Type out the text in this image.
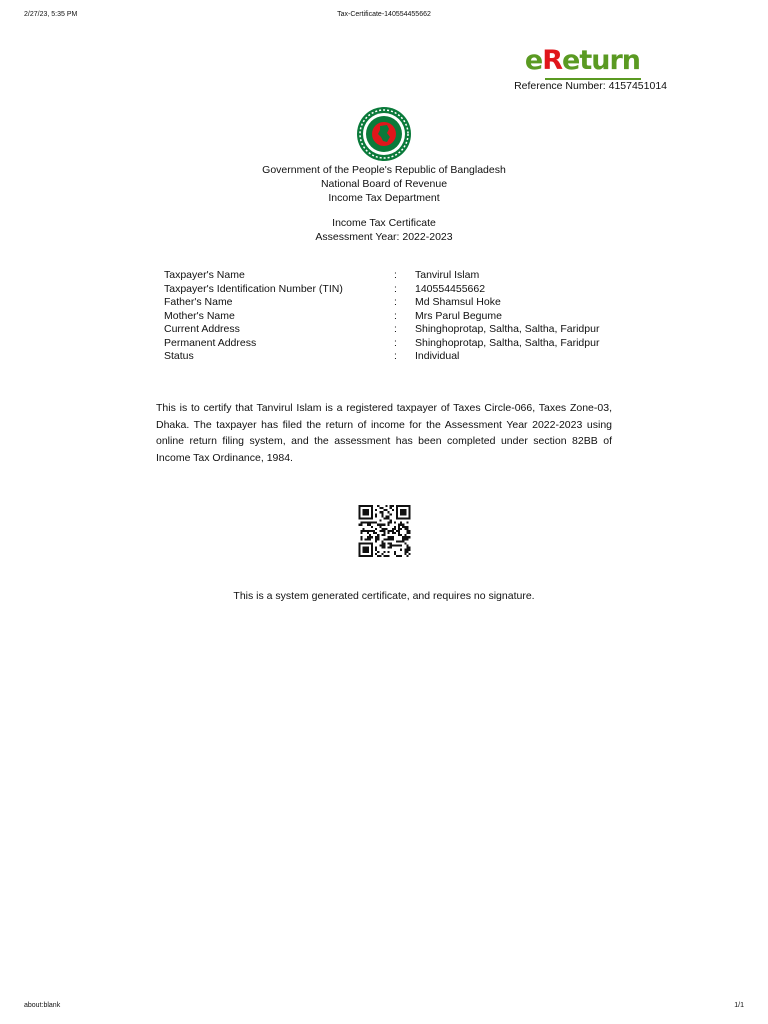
2/27/23, 5:35 PM	Tax-Certificate-140554455662
eReturn
Reference Number: 4157451014
Government of the People's Republic of Bangladesh
National Board of Revenue
Income Tax Department
Income Tax Certificate
Assessment Year: 2022-2023
Taxpayer's Name	:	Tanvirul Islam
Taxpayer's Identification Number (TIN)	:	140554455662
Father's Name	:	Md Shamsul Hoke
Mother's Name	:	Mrs Parul Begume
Current Address	:	Shinghoprotap, Saltha, Saltha, Faridpur
Permanent Address	:	Shinghoprotap, Saltha, Saltha, Faridpur
Status	:	Individual

This is to certify that Tanvirul Islam is a registered taxpayer of Taxes Circle-066, Taxes Zone-03, Dhaka. The taxpayer has filed the return of income for the Assessment Year 2022-2023 using online return filing system, and the assessment has been completed under section 82BB of Income Tax Ordinance, 1984.

This is a system generated certificate, and requires no signature.
about:blank	1/1
